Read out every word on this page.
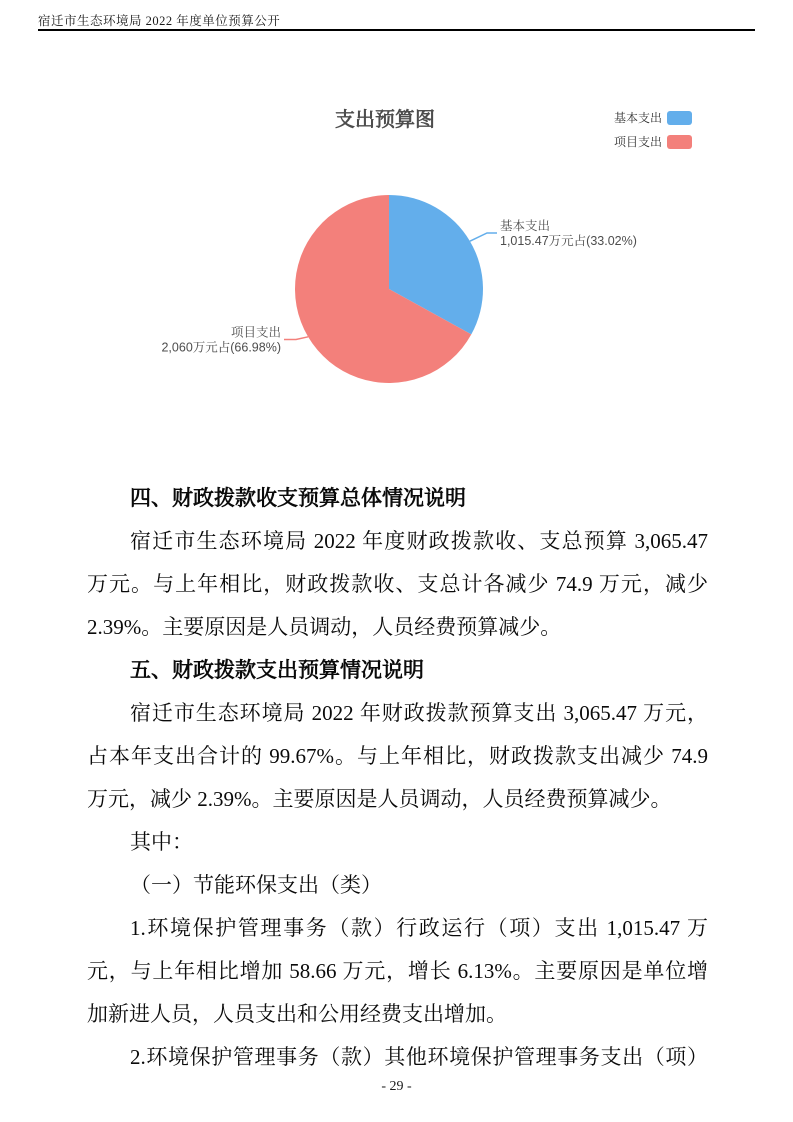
宿迁市生态环境局 2022 年度单位预算公开
支出预算图	基本支出
项目支出
基本支出
1,015.47万元占(33.02%)
项目支出
2,060万元占(66.98%)
四、财政拨款收支预算总体情况说明
宿迁市生态环境局 2022 年度财政拨款收、支总预算 3,065.47
万元。与上年相比，财政拨款收、支总计各减少 74.9 万元，减少
2.39%。主要原因是人员调动，人员经费预算减少。
五、财政拨款支出预算情况说明
宿迁市生态环境局 2022 年财政拨款预算支出 3,065.47 万元，
占本年支出合计的 99.67%。与上年相比，财政拨款支出减少 74.9
万元，减少 2.39%。主要原因是人员调动，人员经费预算减少。
其中：
（一）节能环保支出（类）
1.环境保护管理事务（款）行政运行（项）支出 1,015.47 万
元，与上年相比增加 58.66 万元，增长 6.13%。主要原因是单位增
加新进人员，人员支出和公用经费支出增加。
2.环境保护管理事务（款）其他环境保护管理事务支出（项）
- 29 -
